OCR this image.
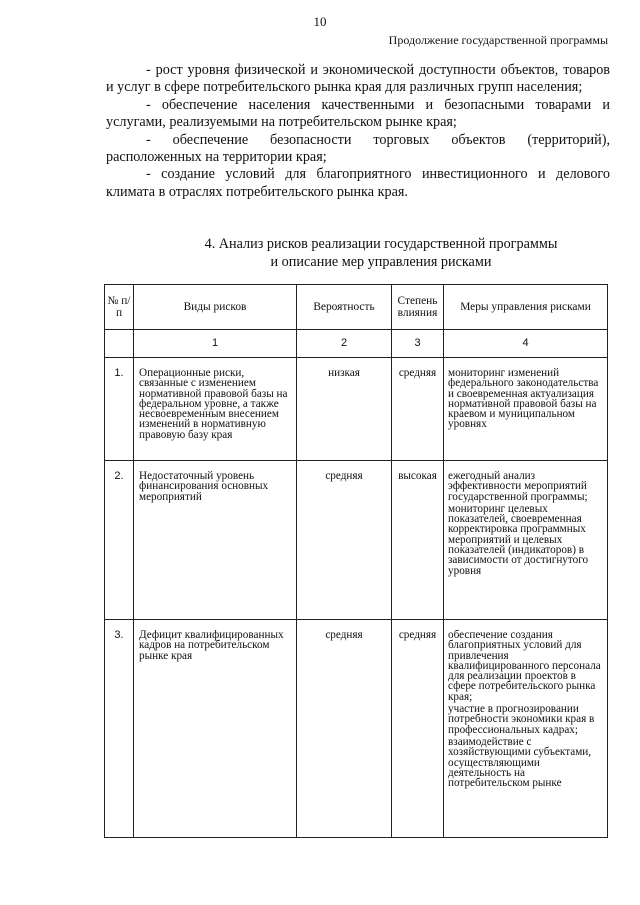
10
Продолжение государственной программы

- рост уровня физической и экономической доступности объектов, товаров и услуг в сфере потребительского рынка края для различных групп населения;

- обеспечение населения качественными и безопасными товарами и услугами, реализуемыми на потребительском рынке края;

- обеспечение безопасности торговых объектов (территорий), расположенных на территории края;

- создание условий для благоприятного инвестиционного и делового климата в отраслях потребительского рынка края.

4. Анализ рисков реализации государственной программы
и описание мер управления рисками
№ п/п	Виды рисков	Вероятность	Степень влияния	Меры управления рисками
	1	2	3	4
1.	Операционные риски, связанные с изменением нормативной правовой базы на федеральном уровне, а также несвоевременным внесением изменений в нормативную правовую базу края	низкая	средняя	мониторинг изменений федерального законодательства и своевременная актуализация нормативной правовой базы на краевом и муниципальном уровнях

2.	Недостаточный уровень финансирования основных мероприятий	средняя	высокая	ежегодный анализ эффективности мероприятий государственной программы;
мониторинг целевых показателей, своевременная корректировка программных мероприятий и целевых показателей (индикаторов) в зависимости от достигнутого уровня

3.	Дефицит квалифицированных кадров на потребительском рынке края	средняя	средняя	обеспечение создания благоприятных условий для привлечения квалифицированного персонала для реализации проектов в сфере потребительского рынка края;
участие в прогнозировании потребности экономики края в профессиональных кадрах;
взаимодействие с хозяйствующими субъектами, осуществляющими деятельность на потребительском рынке
